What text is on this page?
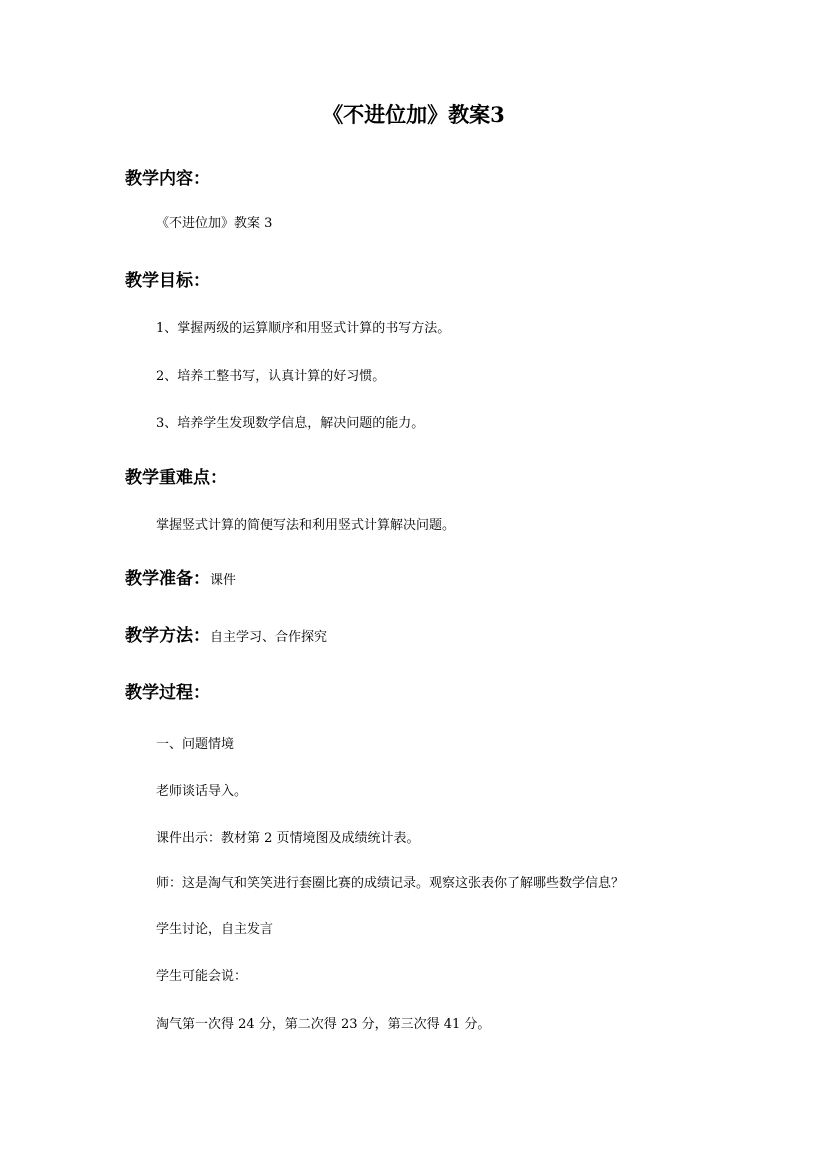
《不进位加》教案3
教学内容：
《不进位加》教案 3
教学目标：
1、掌握两级的运算顺序和用竖式计算的书写方法。
2、培养工整书写，认真计算的好习惯。
3、培养学生发现数学信息，解决问题的能力。
教学重难点：
掌握竖式计算的简便写法和利用竖式计算解决问题。
教学准备：课件
教学方法：自主学习、合作探究
教学过程：
一、问题情境
老师谈话导入。
课件出示：教材第 2 页情境图及成绩统计表。
师：这是淘气和笑笑进行套圈比赛的成绩记录。观察这张表你了解哪些数学信息？
学生讨论，自主发言
学生可能会说：
淘气第一次得 24 分，第二次得 23 分，第三次得 41 分。
